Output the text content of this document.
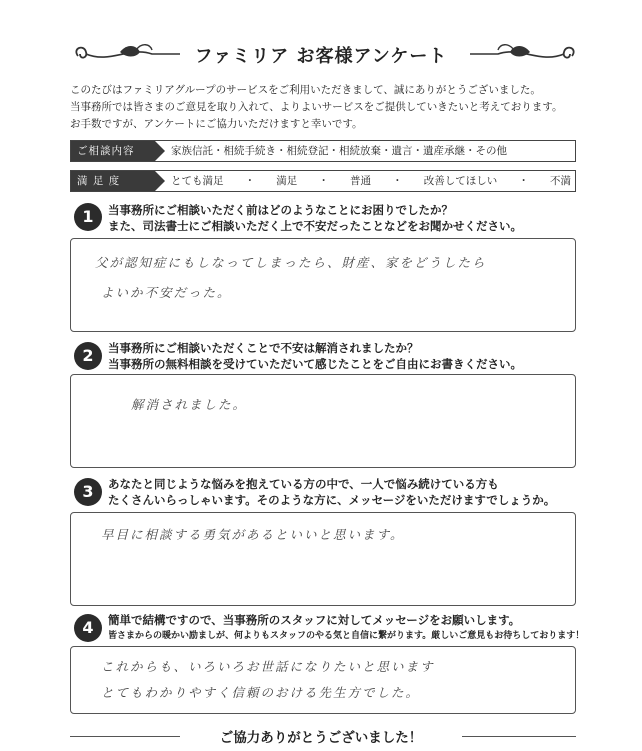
ファミリア お客様アンケート
このたびはファミリアグループのサービスをご利用いただきまして、誠にありがとうございました。
当事務所では皆さまのご意見を取り入れて、よりよいサービスをご提供していきたいと考えております。
お手数ですが、アンケートにご協力いただけますと幸いです。
ご相談内容	家族信託・相続手続き・相続登記・相続放棄・遺言・遺産承継・その他
満 足 度	とても満足 ・ 満足 ・ 普通 ・ 改善してほしい ・ 不満
1	当事務所にご相談いただく前はどのようなことにお困りでしたか？
また、司法書士にご相談いただく上で不安だったことなどをお聞かせください。
父が認知症にもしなってしまったら、財産、家をどうしたら
よいか不安だった。
2	当事務所にご相談いただくことで不安は解消されましたか？
当事務所の無料相談を受けていただいて感じたことをご自由にお書きください。
解消されました。
3	あなたと同じような悩みを抱えている方の中で、一人で悩み続けている方も
たくさんいらっしゃいます。そのような方に、メッセージをいただけますでしょうか。
早目に相談する勇気があるといいと思います。
4	簡単で結構ですので、当事務所のスタッフに対してメッセージをお願いします。
皆さまからの暖かい励ましが、何よりもスタッフのやる気と自信に繋がります。厳しいご意見もお待ちしております！
これからも、いろいろお世話になりたいと思います
とてもわかりやすく信頼のおける先生方でした。
ご協力ありがとうございました！
